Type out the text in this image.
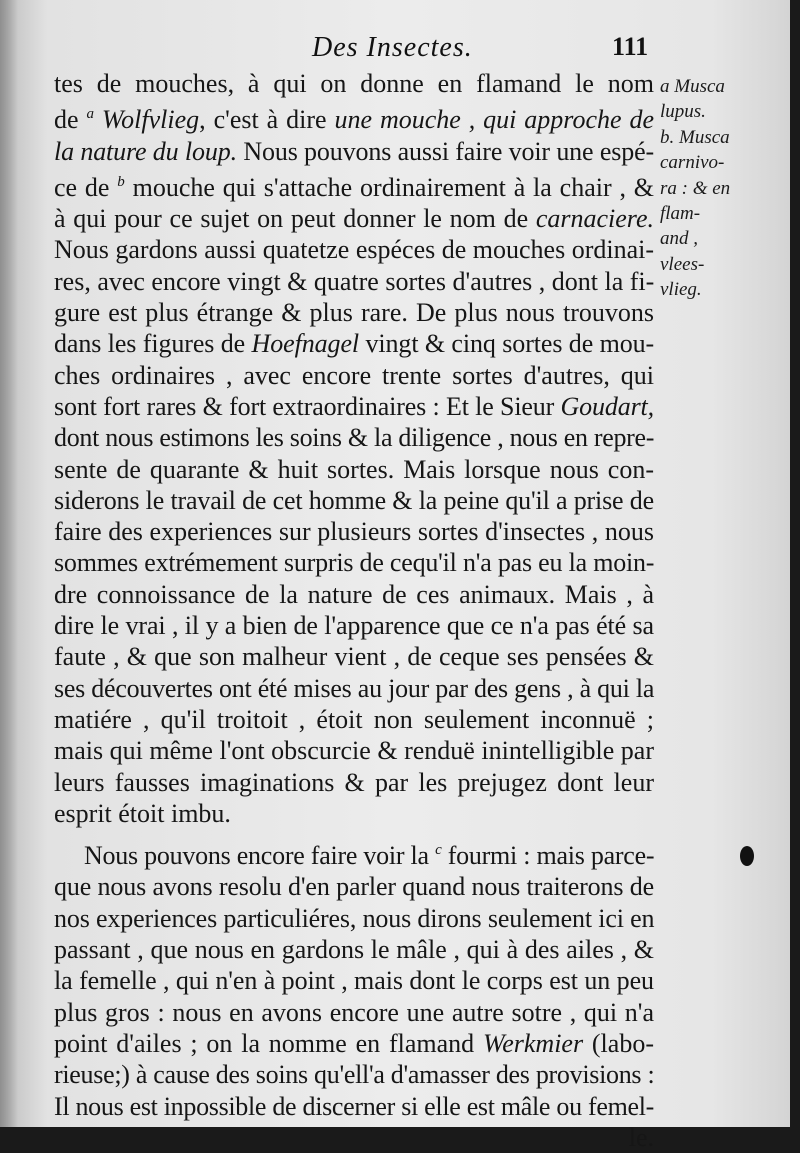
Des Insectes.	111
tes de mouches, à qui on donne en flamand le nom
de $^a$ Wolfvlieg, c'est à dire une mouche , qui approche de
la nature du loup. Nous pouvons aussi faire voir une espé-
ce de $^b$ mouche qui s'attache ordinairement à la chair , &
à qui pour ce sujet on peut donner le nom de carnaciere.
Nous gardons aussi quatetze espéces de mouches ordinai-
res, avec encore vingt & quatre sortes d'autres , dont la fi-
gure est plus étrange & plus rare. De plus nous trouvons
dans les figures de Hoefnagel vingt & cinq sortes de mou-
ches ordinaires , avec encore trente sortes d'autres, qui
sont fort rares & fort extraordinaires : Et le Sieur Goudart,
dont nous estimons les soins & la diligence , nous en repre-
sente de quarante & huit sortes. Mais lorsque nous con-
siderons le travail de cet homme & la peine qu'il a prise de
faire des experiences sur plusieurs sortes d'insectes , nous
sommes extrémement surpris de cequ'il n'a pas eu la moin-
dre connoissance de la nature de ces animaux. Mais , à
dire le vrai , il y a bien de l'apparence que ce n'a pas été sa
faute , & que son malheur vient , de ceque ses pensées &
ses découvertes ont été mises au jour par des gens , à qui la
matiére , qu'il troitoit , étoit non seulement inconnuë ;
mais qui même l'ont obscurcie & renduë inintelligible par
leurs fausses imaginations & par les prejugez dont leur
esprit étoit imbu.
Nous pouvons encore faire voir la $^c$ fourmi : mais parce-
que nous avons resolu d'en parler quand nous traiterons de
nos experiences particuliéres, nous dirons seulement ici en
passant , que nous en gardons le mâle , qui à des ailes , &
la femelle , qui n'en à point , mais dont le corps est un peu
plus gros : nous en avons encore une autre sotre , qui n'a
point d'ailes ; on la nomme en flamand Werkmier (labo-
rieuse;) à cause des soins qu'ell'a d'amasser des provisions :
Il nous est inpossible de discerner si elle est mâle ou femel-
le.
a Musca
lupus.
b. Musca
carnivo-
ra : & en
flam-
and ,
vlees-
vlieg.
